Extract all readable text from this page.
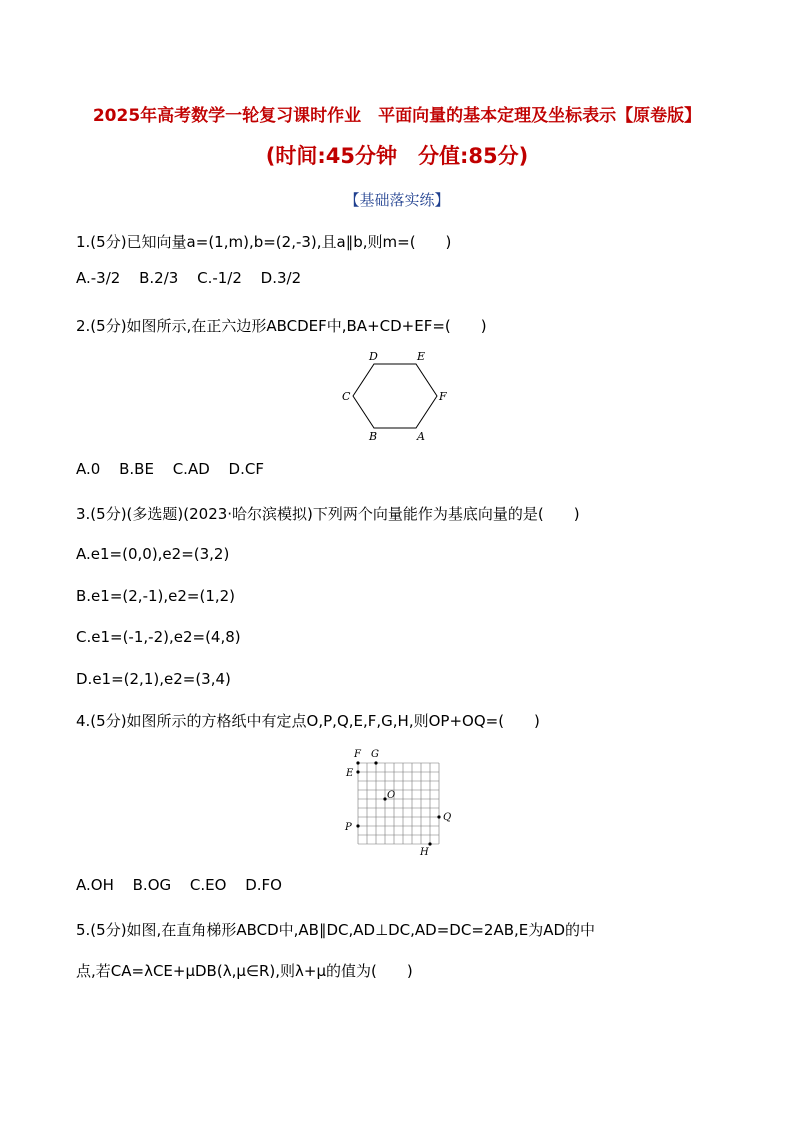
2025年高考数学一轮复习课时作业　平面向量的基本定理及坐标表示【原卷版】
(时间:45分钟　分值:85分)
【基础落实练】
1.(5分)已知向量a=(1,m),b=(2,-3),且a∥b,则m=(　　)
A.-3/2 B.2/3 C.-1/2 D.3/2
2.(5分)如图所示,在正六边形ABCDEF中,BA+CD+EF=(　　)
D	E
C	F
B	A
A.0 B.BE C.AD D.CF
3.(5分)(多选题)(2023·哈尔滨模拟)下列两个向量能作为基底向量的是(　　)
A.e1=(0,0),e2=(3,2)
B.e1=(2,-1),e2=(1,2)
C.e1=(-1,-2),e2=(4,8)
D.e1=(2,1),e2=(3,4)
4.(5分)如图所示的方格纸中有定点O,P,Q,E,F,G,H,则OP+OQ=(　　)
F G
E
O
P
Q
H
A.OH B.OG C.EO D.FO
5.(5分)如图,在直角梯形ABCD中,AB∥DC,AD⊥DC,AD=DC=2AB,E为AD的中
点,若CA=λCE+μDB(λ,μ∈R),则λ+μ的值为(　　)
